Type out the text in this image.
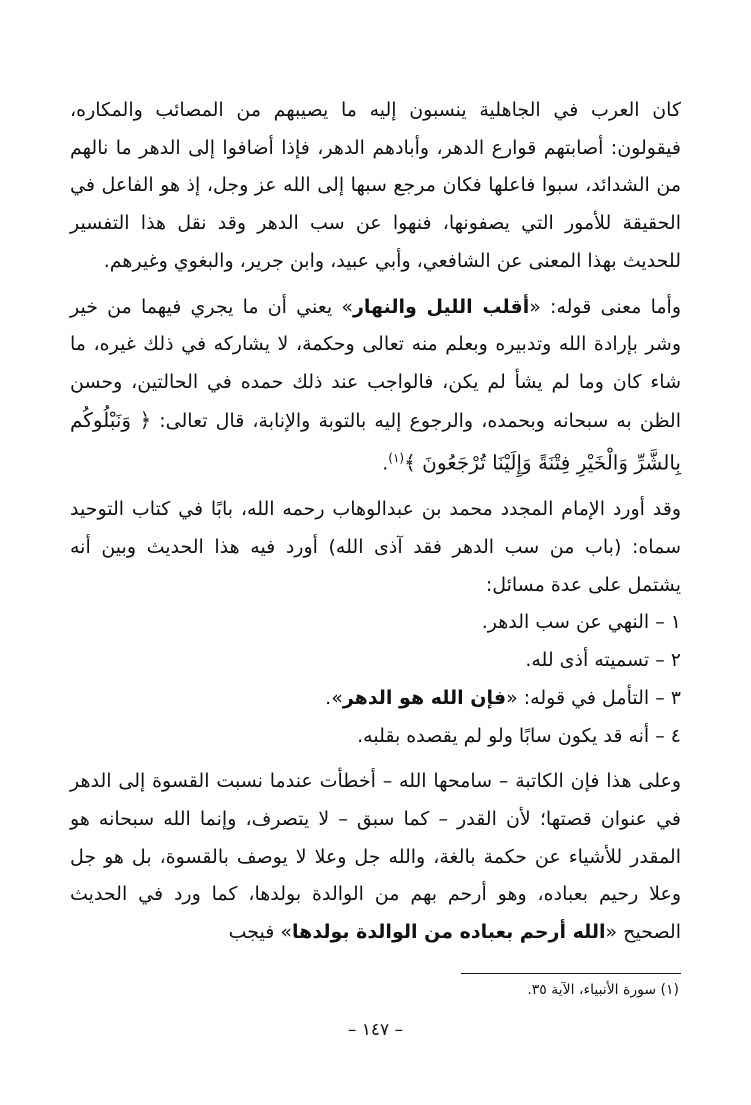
كان العرب في الجاهلية ينسبون إليه ما يصيبهم من المصائب والمكاره، فيقولون: أصابتهم قوارع الدهر، وأبادهم الدهر، فإذا أضافوا إلى الدهر ما نالهم من الشدائد، سبوا فاعلها فكان مرجع سبها إلى الله عز وجل، إذ هو الفاعل في الحقيقة للأمور التي يصفونها، فنهوا عن سب الدهر وقد نقل هذا التفسير للحديث بهذا المعنى عن الشافعي، وأبي عبيد، وابن جرير، والبغوي وغيرهم.

وأما معنى قوله: «أقلب الليل والنهار» يعني أن ما يجري فيهما من خير وشر بإرادة الله وتدبيره وبعلم منه تعالى وحكمة، لا يشاركه في ذلك غيره، ما شاء كان وما لم يشأ لم يكن، فالواجب عند ذلك حمده في الحالتين، وحسن الظن به سبحانه وبحمده، والرجوع إليه بالتوبة والإنابة، قال تعالى: ﴿ وَنَبْلُوكُم بِالشَّرِّ وَالْخَيْرِ فِتْنَةً وَإِلَيْنَا تُرْجَعُونَ ﴾$^{(١)}$.

وقد أورد الإمام المجدد محمد بن عبدالوهاب رحمه الله، بابًا في كتاب التوحيد سماه: (باب من سب الدهر فقد آذى الله) أورد فيه هذا الحديث وبين أنه يشتمل على عدة مسائل:

١ – النهي عن سب الدهر.

٢ – تسميته أذى لله.

٣ – التأمل في قوله: «فإن الله هو الدهر».

٤ – أنه قد يكون سابًا ولو لم يقصده بقلبه.

وعلى هذا فإن الكاتبة – سامحها الله – أخطأت عندما نسبت القسوة إلى الدهر في عنوان قصتها؛ لأن القدر – كما سبق – لا يتصرف، وإنما الله سبحانه هو المقدر للأشياء عن حكمة بالغة، والله جل وعلا لا يوصف بالقسوة، بل هو جل وعلا رحيم بعباده، وهو أرحم بهم من الوالدة بولدها، كما ورد في الحديث الصحيح «الله أرحم بعباده من الوالدة بولدها» فيجب

(١) سورة الأنبياء، الآية ٣٥.
– ١٤٧ –
